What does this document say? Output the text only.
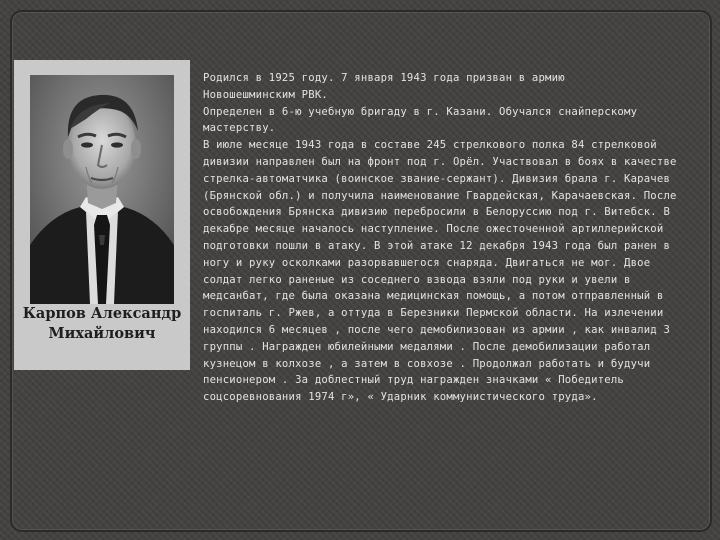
Карпов Александр
Михайлович

Родился в 1925 году. 7 января 1943 года призван в армию

Новошешминским РВК.

Определен в 6-ю учебную бригаду в г. Казани. Обучался снайперскому

мастерству.

В июле месяце 1943 года в составе 245 стрелкового полка 84 стрелковой

дивизии направлен был на фронт под г. Орёл. Участвовал в боях в качестве

стрелка-автоматчика (воинское звание-сержант). Дивизия брала г. Карачев

(Брянской обл.) и получила наименование Гвардейская, Карачаевская. После

освобождения Брянска дивизию перебросили в Белоруссию под г. Витебск. В

декабре месяце началось наступление. После ожесточенной артиллерийской

подготовки пошли в атаку. В этой атаке 12 декабря 1943 года был ранен в

ногу и руку осколками разорвавшегося снаряда. Двигаться не мог. Двое

солдат легко раненые из соседнего взвода взяли под руки и увели в

медсанбат, где была оказана медицинская помощь, а потом отправленный в

госпиталь г. Ржев, а оттуда в Березники Пермской области. На излечении

находился 6 месяцев , после чего демобилизован из армии , как инвалид 3

группы . Награжден юбилейными медалями . После демобилизации работал

кузнецом в колхозе , а затем в совхозе . Продолжал работать и будучи

пенсионером . За доблестный труд награжден значками « Победитель

соцсоревнования 1974 г», « Ударник коммунистического труда».
